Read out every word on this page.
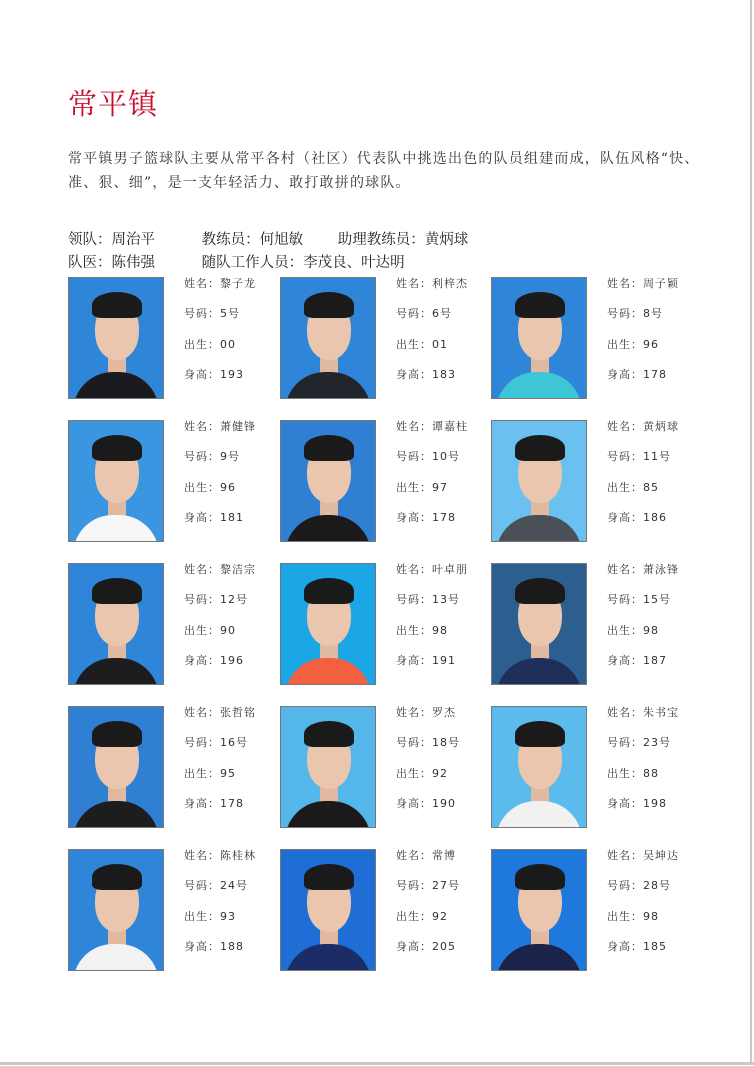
常平镇
常平镇男子篮球队主要从常平各村（社区）代表队中挑选出色的队员组建而成，队伍风格“快、准、狠、细”，是一支年轻活力、敢打敢拼的球队。
领队：周治平	教练员：何旭敏 助理教练员：黄炳球
队医：陈伟强	随队工作人员：李茂良、叶达明
姓名：黎子龙
号码：5号
出生：00
身高：193
姓名：利梓杰
号码：6号
出生：01
身高：183
姓名：周子颖
号码：8号
出生：96
身高：178
姓名：萧健锋
号码：9号
出生：96
身高：181
姓名：谭嘉柱
号码：10号
出生：97
身高：178
姓名：黄炳球
号码：11号
出生：85
身高：186
姓名：黎洁宗
号码：12号
出生：90
身高：196
姓名：叶卓朋
号码：13号
出生：98
身高：191
姓名：萧泳锋
号码：15号
出生：98
身高：187
姓名：张哲铭
号码：16号
出生：95
身高：178
姓名：罗杰
号码：18号
出生：92
身高：190
姓名：朱书宝
号码：23号
出生：88
身高：198
姓名：陈桂林
号码：24号
出生：93
身高：188
姓名：常博
号码：27号
出生：92
身高：205
姓名：吴坤达
号码：28号
出生：98
身高：185
